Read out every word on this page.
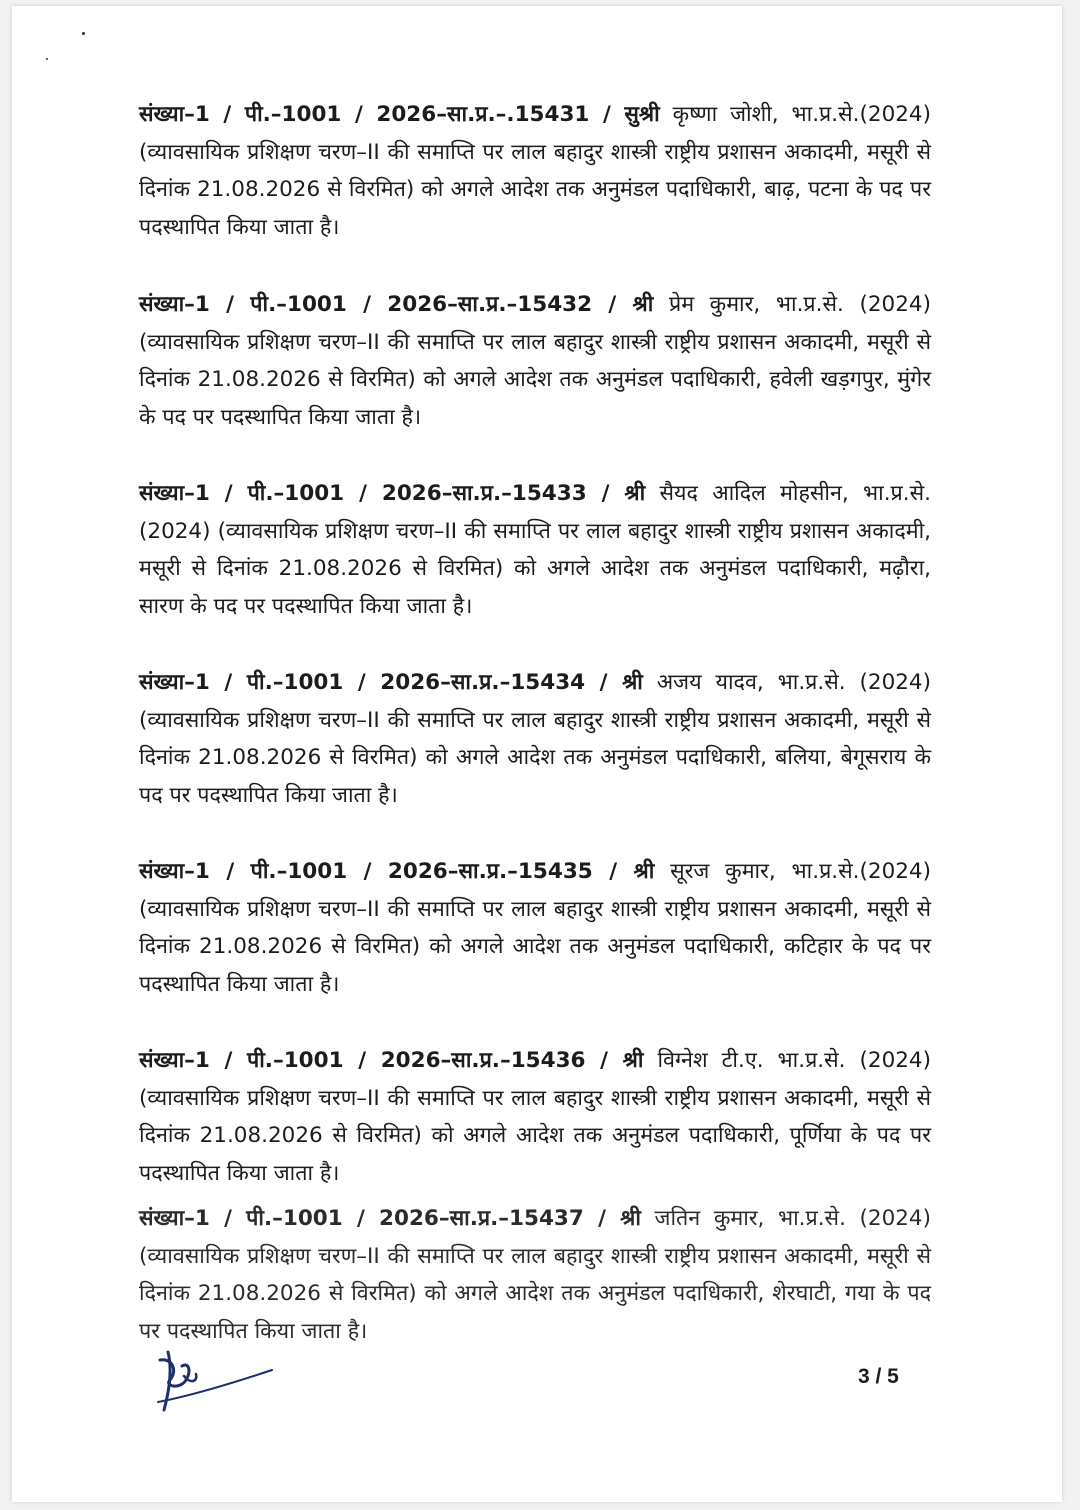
संख्या–1 / पी.–1001 / 2026–सा.प्र.–.15431 / सुश्री कृष्णा जोशी, भा.प्र.से.(2024) (व्यावसायिक प्रशिक्षण चरण–II की समाप्ति पर लाल बहादुर शास्त्री राष्ट्रीय प्रशासन अकादमी, मसूरी से दिनांक 21.08.2026 से विरमित) को अगले आदेश तक अनुमंडल पदाधिकारी, बाढ़, पटना के पद पर पदस्थापित किया जाता है।
संख्या–1 / पी.–1001 / 2026–सा.प्र.–15432 / श्री प्रेम कुमार, भा.प्र.से. (2024) (व्यावसायिक प्रशिक्षण चरण–II की समाप्ति पर लाल बहादुर शास्त्री राष्ट्रीय प्रशासन अकादमी, मसूरी से दिनांक 21.08.2026 से विरमित) को अगले आदेश तक अनुमंडल पदाधिकारी, हवेली खड़गपुर, मुंगेर के पद पर पदस्थापित किया जाता है।
संख्या–1 / पी.–1001 / 2026–सा.प्र.–15433 / श्री सैयद आदिल मोहसीन, भा.प्र.से. (2024) (व्यावसायिक प्रशिक्षण चरण–II की समाप्ति पर लाल बहादुर शास्त्री राष्ट्रीय प्रशासन अकादमी, मसूरी से दिनांक 21.08.2026 से विरमित) को अगले आदेश तक अनुमंडल पदाधिकारी, मढ़ौरा, सारण के पद पर पदस्थापित किया जाता है।
संख्या–1 / पी.–1001 / 2026–सा.प्र.–15434 / श्री अजय यादव, भा.प्र.से. (2024) (व्यावसायिक प्रशिक्षण चरण–II की समाप्ति पर लाल बहादुर शास्त्री राष्ट्रीय प्रशासन अकादमी, मसूरी से दिनांक 21.08.2026 से विरमित) को अगले आदेश तक अनुमंडल पदाधिकारी, बलिया, बेगूसराय के पद पर पदस्थापित किया जाता है।
संख्या–1 / पी.–1001 / 2026–सा.प्र.–15435 / श्री सूरज कुमार, भा.प्र.से.(2024) (व्यावसायिक प्रशिक्षण चरण–II की समाप्ति पर लाल बहादुर शास्त्री राष्ट्रीय प्रशासन अकादमी, मसूरी से दिनांक 21.08.2026 से विरमित) को अगले आदेश तक अनुमंडल पदाधिकारी, कटिहार के पद पर पदस्थापित किया जाता है।
संख्या–1 / पी.–1001 / 2026–सा.प्र.–15436 / श्री विग्नेश टी.ए. भा.प्र.से. (2024) (व्यावसायिक प्रशिक्षण चरण–II की समाप्ति पर लाल बहादुर शास्त्री राष्ट्रीय प्रशासन अकादमी, मसूरी से दिनांक 21.08.2026 से विरमित) को अगले आदेश तक अनुमंडल पदाधिकारी, पूर्णिया के पद पर पदस्थापित किया जाता है।
संख्या–1 / पी.–1001 / 2026–सा.प्र.–15437 / श्री जतिन कुमार, भा.प्र.से. (2024) (व्यावसायिक प्रशिक्षण चरण–II की समाप्ति पर लाल बहादुर शास्त्री राष्ट्रीय प्रशासन अकादमी, मसूरी से दिनांक 21.08.2026 से विरमित) को अगले आदेश तक अनुमंडल पदाधिकारी, शेरघाटी, गया के पद पर पदस्थापित किया जाता है।
3 / 5
